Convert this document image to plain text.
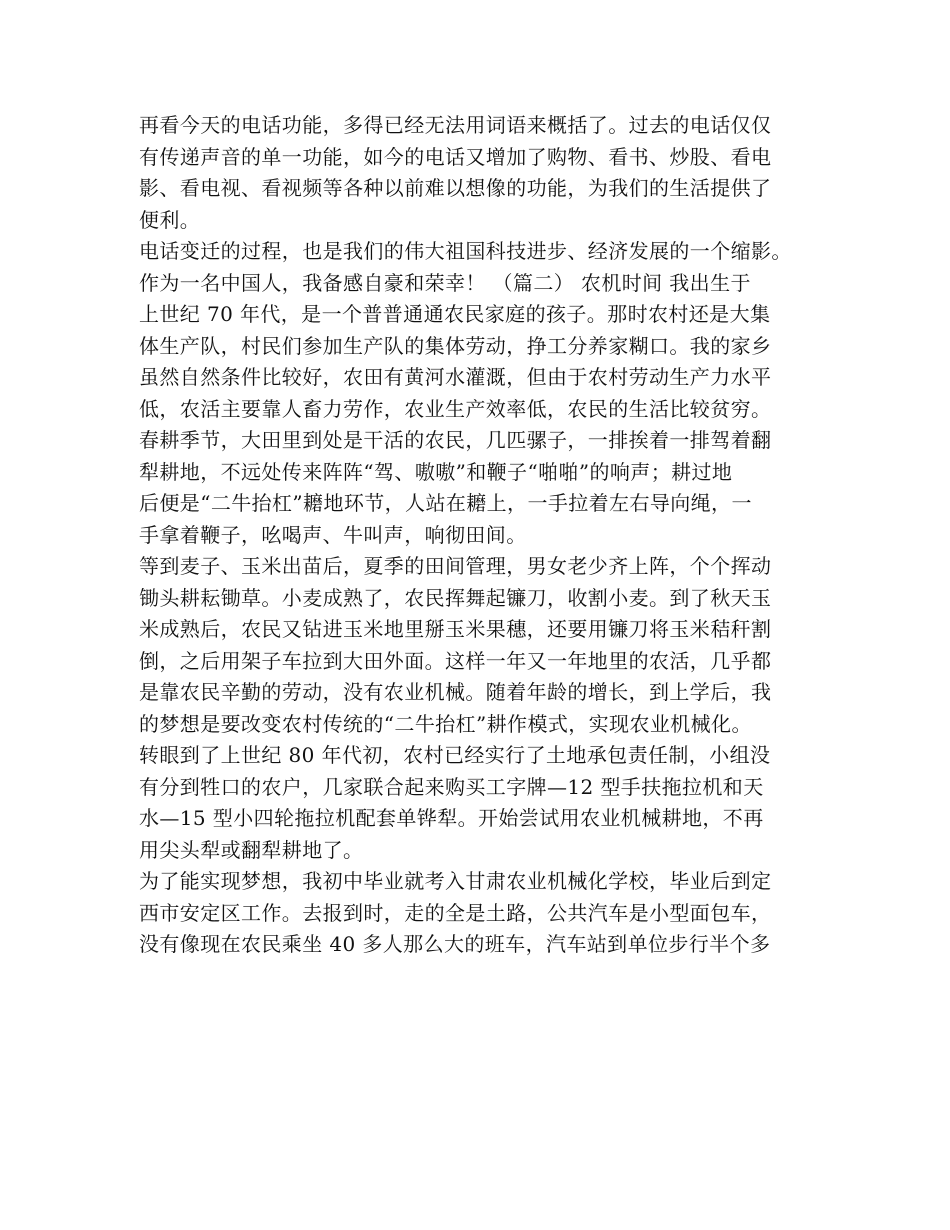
再看今天的电话功能，多得已经无法用词语来概括了。过去的电话仅仅
有传递声音的单一功能，如今的电话又增加了购物、看书、炒股、看电
影、看电视、看视频等各种以前难以想像的功能，为我们的生活提供了
便利。
电话变迁的过程，也是我们的伟大祖国科技进步、经济发展的一个缩影。
作为一名中国人，我备感自豪和荣幸！ （篇二） 农机时间 我出生于
上世纪 70 年代，是一个普普通通农民家庭的孩子。那时农村还是大集
体生产队，村民们参加生产队的集体劳动，挣工分养家糊口。我的家乡
虽然自然条件比较好，农田有黄河水灌溉，但由于农村劳动生产力水平
低，农活主要靠人畜力劳作，农业生产效率低，农民的生活比较贫穷。
春耕季节，大田里到处是干活的农民，几匹骡子，一排挨着一排驾着翻
犁耕地，不远处传来阵阵“驾、嗷嗷”和鞭子“啪啪”的响声；耕过地
后便是“二牛抬杠”耱地环节，人站在耱上，一手拉着左右导向绳，一
手拿着鞭子，吆喝声、牛叫声，响彻田间。
等到麦子、玉米出苗后，夏季的田间管理，男女老少齐上阵，个个挥动
锄头耕耘锄草。小麦成熟了，农民挥舞起镰刀，收割小麦。到了秋天玉
米成熟后，农民又钻进玉米地里掰玉米果穗，还要用镰刀将玉米秸秆割
倒，之后用架子车拉到大田外面。这样一年又一年地里的农活，几乎都
是靠农民辛勤的劳动，没有农业机械。随着年龄的增长，到上学后，我
的梦想是要改变农村传统的“二牛抬杠”耕作模式，实现农业机械化。
转眼到了上世纪 80 年代初，农村已经实行了土地承包责任制，小组没
有分到牲口的农户，几家联合起来购买工字牌—12 型手扶拖拉机和天
水—15 型小四轮拖拉机配套单铧犁。开始尝试用农业机械耕地，不再
用尖头犁或翻犁耕地了。
为了能实现梦想，我初中毕业就考入甘肃农业机械化学校，毕业后到定
西市安定区工作。去报到时，走的全是土路，公共汽车是小型面包车，
没有像现在农民乘坐 40 多人那么大的班车，汽车站到单位步行半个多
